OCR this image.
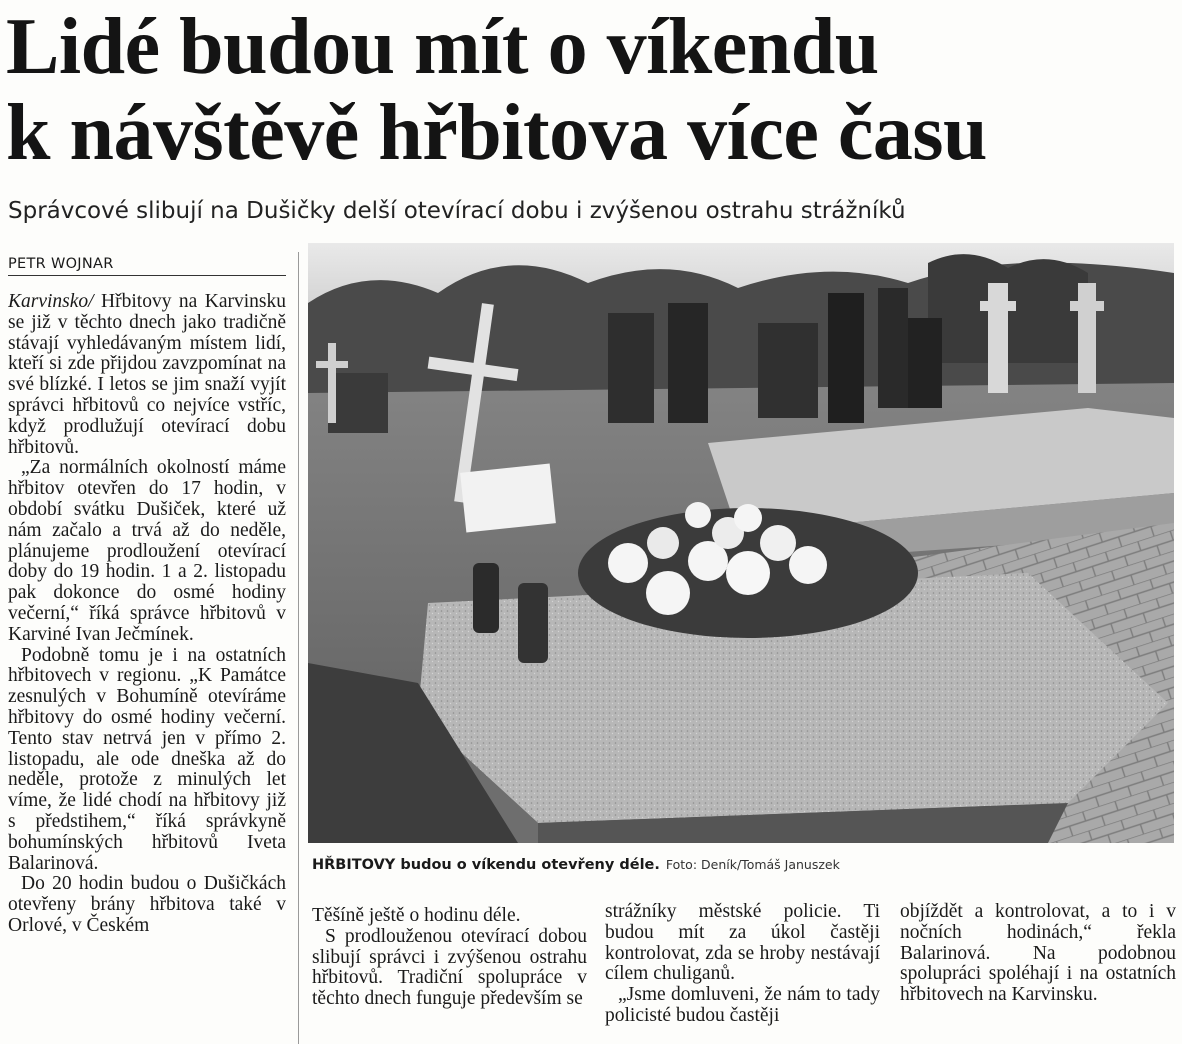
Lidé budou mít o víkendu
k návštěvě hřbitova více času
Správcové slibují na Dušičky delší otevírací dobu i zvýšenou ostrahu strážníků
PETR WOJNAR

Karvinsko/ Hřbitovy na Karvinsku se již v těchto dnech jako tradičně stávají vyhledávaným místem lidí, kteří si zde přijdou zavzpomínat na své blízké. I letos se jim snaží vyjít správci hřbitovů co nejvíce vstříc, když prodlužují otevírací dobu hřbitovů.

„Za normálních okolností máme hřbitov otevřen do 17 hodin, v období svátku Dušiček, které už nám začalo a trvá až do neděle, plánujeme prodloužení otevírací doby do 19 hodin. 1 a 2. listopadu pak dokonce do osmé hodiny večerní,“ říká správce hřbitovů v Karviné Ivan Ječmínek.

Podobně tomu je i na ostatních hřbitovech v regionu. „K Památce zesnulých v Bohumíně otevíráme hřbitovy do osmé hodiny večerní. Tento stav netrvá jen v přímo 2. listopadu, ale ode dneška až do neděle, protože z minulých let víme, že lidé chodí na hřbitovy již s předstihem,“ říká správkyně bohumínských hřbitovů Iveta Balarinová.

Do 20 hodin budou o Dušičkách otevřeny brány hřbitova také v Orlové, v Českém

HŘBITOVY budou o víkendu otevřeny déle. Foto: Deník/Tomáš Januszek

Těšíně ještě o hodinu déle.

S prodlouženou otevírací dobou slibují správci i zvýšenou ostrahu hřbitovů. Tradiční spolupráce v těchto dnech funguje především se

strážníky městské policie. Ti budou mít za úkol častěji kontrolovat, zda se hroby nestávají cílem chuliganů.

„Jsme domluveni, že nám to tady policisté budou častěji

objíždět a kontrolovat, a to i v nočních hodinách,“ řekla Balarinová. Na podobnou spolupráci spoléhají i na ostatních hřbitovech na Karvinsku.
